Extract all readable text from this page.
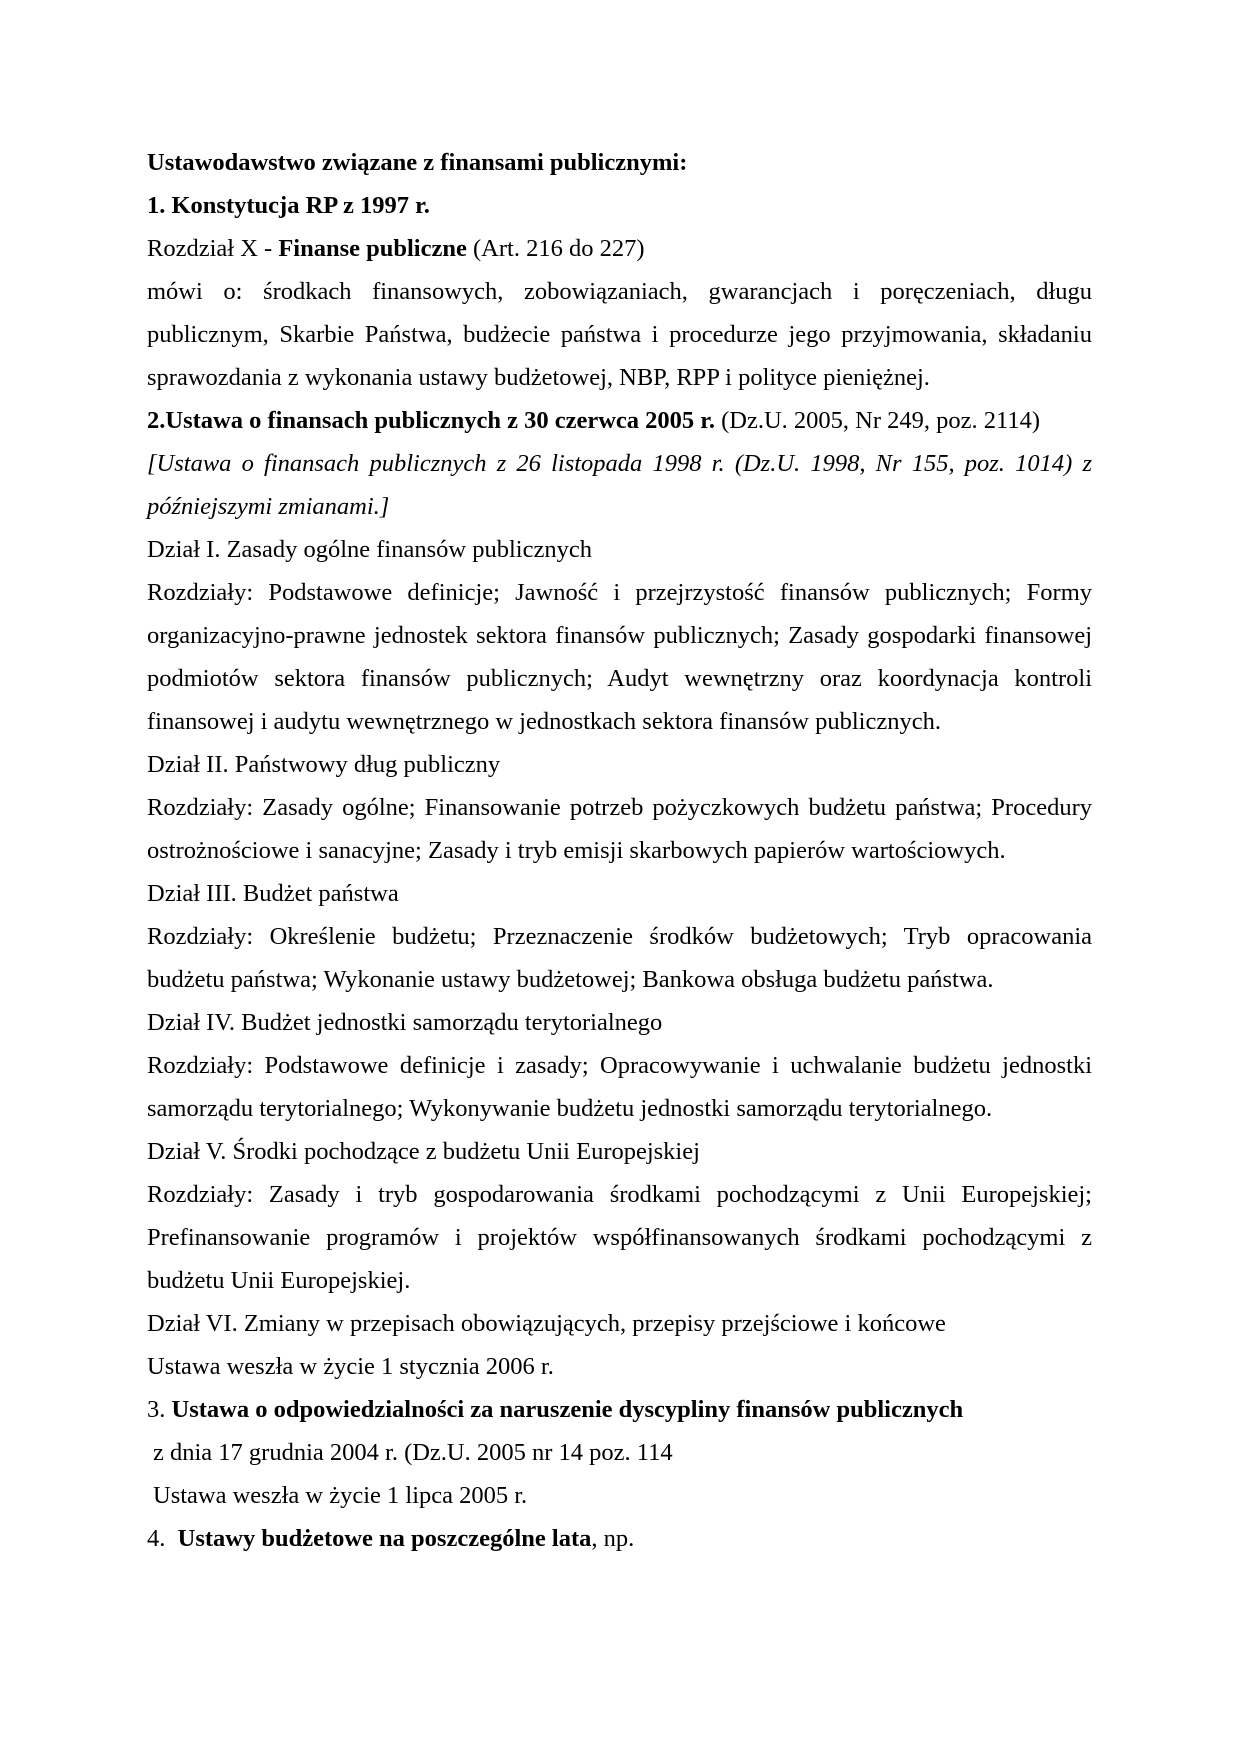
Ustawodawstwo związane z finansami publicznymi:

1. Konstytucja RP z 1997 r.

Rozdział X - Finanse publiczne (Art. 216 do 227)

mówi o: środkach finansowych, zobowiązaniach, gwarancjach i poręczeniach, długu publicznym, Skarbie Państwa, budżecie państwa i procedurze jego przyjmowania, składaniu sprawozdania z wykonania ustawy budżetowej, NBP, RPP i polityce pieniężnej.

2.Ustawa o finansach publicznych z 30 czerwca 2005 r. (Dz.U. 2005, Nr 249, poz. 2114)

[Ustawa o finansach publicznych z 26 listopada 1998 r. (Dz.U. 1998, Nr 155, poz. 1014) z późniejszymi zmianami.]

Dział I. Zasady ogólne finansów publicznych

Rozdziały: Podstawowe definicje; Jawność i przejrzystość finansów publicznych; Formy organizacyjno-prawne jednostek sektora finansów publicznych; Zasady gospodarki finansowej podmiotów sektora finansów publicznych; Audyt wewnętrzny oraz koordynacja kontroli finansowej i audytu wewnętrznego w jednostkach sektora finansów publicznych.

Dział II. Państwowy dług publiczny

Rozdziały: Zasady ogólne; Finansowanie potrzeb pożyczkowych budżetu państwa; Procedury ostrożnościowe i sanacyjne; Zasady i tryb emisji skarbowych papierów wartościowych.

Dział III. Budżet państwa

Rozdziały: Określenie budżetu; Przeznaczenie środków budżetowych; Tryb opracowania budżetu państwa; Wykonanie ustawy budżetowej; Bankowa obsługa budżetu państwa.

Dział IV. Budżet jednostki samorządu terytorialnego

Rozdziały: Podstawowe definicje i zasady; Opracowywanie i uchwalanie budżetu jednostki samorządu terytorialnego; Wykonywanie budżetu jednostki samorządu terytorialnego.

Dział V. Środki pochodzące z budżetu Unii Europejskiej

Rozdziały: Zasady i tryb gospodarowania środkami pochodzącymi z Unii Europejskiej; Prefinansowanie programów i projektów współfinansowanych środkami pochodzącymi z budżetu Unii Europejskiej.

Dział VI. Zmiany w przepisach obowiązujących, przepisy przejściowe i końcowe

Ustawa weszła w życie 1 stycznia 2006 r.

3. Ustawa o odpowiedzialności za naruszenie dyscypliny finansów publicznych

z dnia 17 grudnia 2004 r. (Dz.U. 2005 nr 14 poz. 114

Ustawa weszła w życie 1 lipca 2005 r.

4.  Ustawy budżetowe na poszczególne lata, np.
